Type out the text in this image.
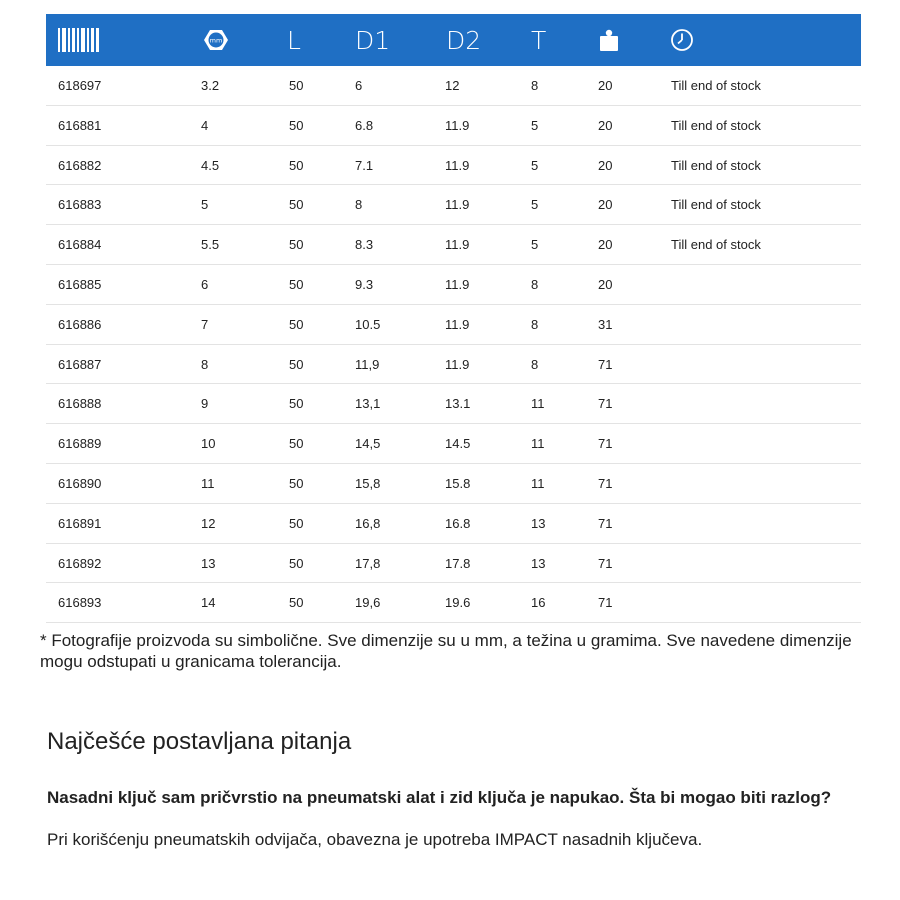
mm	L D1 D2 T
618697	3.2	50	6	12	8	20	Till end of stock
616881	4	50	6.8	11.9	5	20	Till end of stock
616882	4.5	50	7.1	11.9	5	20	Till end of stock
616883	5	50	8	11.9	5	20	Till end of stock
616884	5.5	50	8.3	11.9	5	20	Till end of stock
616885	6	50	9.3	11.9	8	20
616886	7	50	10.5	11.9	8	31
616887	8	50	11,9	11.9	8	71
616888	9	50	13,1	13.1	11	71
616889	10	50	14,5	14.5	11	71
616890	11	50	15,8	15.8	11	71
616891	12	50	16,8	16.8	13	71
616892	13	50	17,8	17.8	13	71
616893	14	50	19,6	19.6	16	71
* Fotografije proizvoda su simbolične. Sve dimenzije su u mm, a težina u gramima. Sve navedene dimenzije mogu odstupati u granicama tolerancija.
Najčešće postavljana pitanja
Nasadni ključ sam pričvrstio na pneumatski alat i zid ključa je napukao. Šta bi mogao biti razlog?
Pri korišćenju pneumatskih odvijača, obavezna je upotreba IMPACT nasadnih ključeva.
